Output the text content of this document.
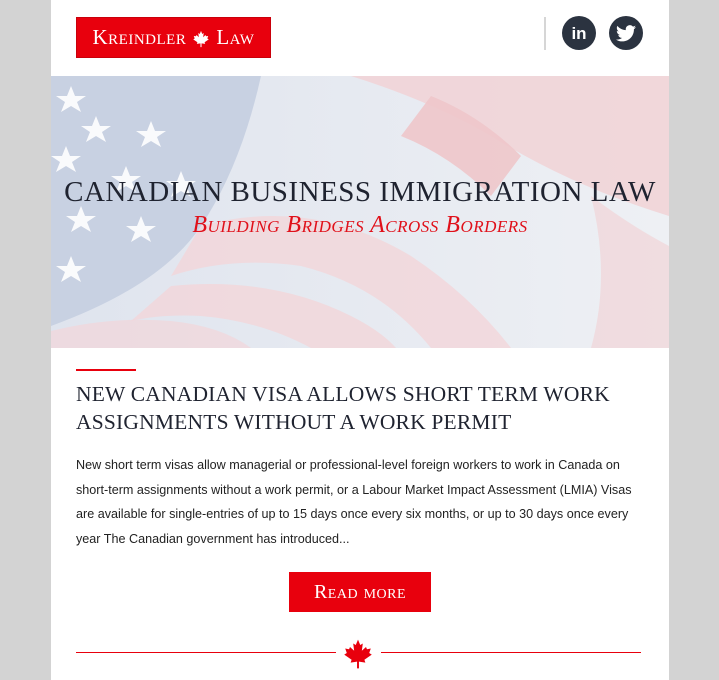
Kreindler Law	in
CANADIAN BUSINESS IMMIGRATION LAW
Building Bridges Across Borders
NEW CANADIAN VISA ALLOWS SHORT TERM WORK ASSIGNMENTS WITHOUT A WORK PERMIT
New short term visas allow managerial or professional-level foreign workers to work in Canada on short-term assignments without a work permit, or a Labour Market Impact Assessment (LMIA) Visas are available for single-entries of up to 15 days once every six months, or up to 30 days once every year The Canadian government has introduced...
Read more
